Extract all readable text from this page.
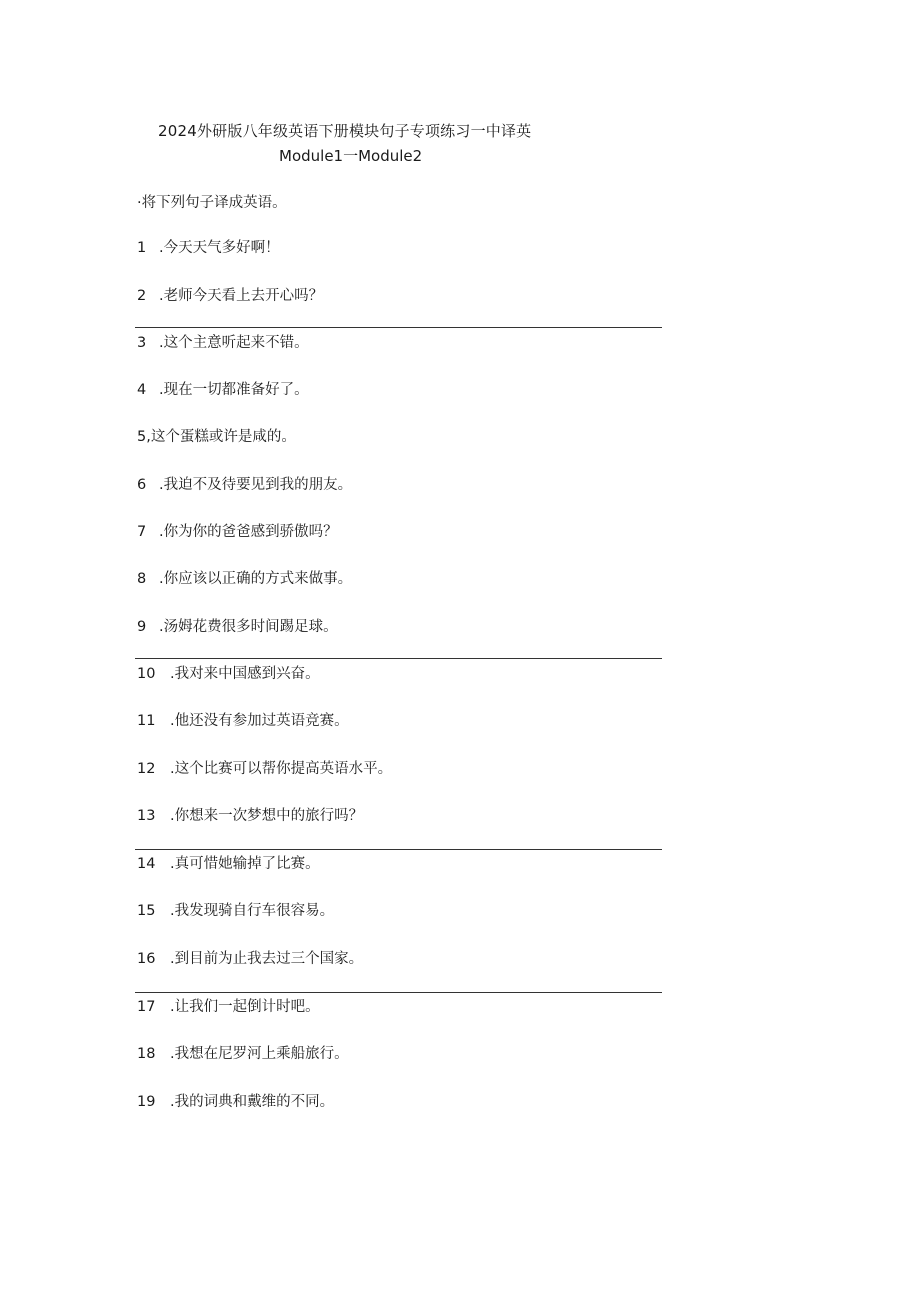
2024外研版八年级英语下册模块句子专项练习一中译英
Module1一Module2
·将下列句子译成英语。
1 .今天天气多好啊！
2 .老师今天看上去开心吗？
3 .这个主意听起来不错。
4 .现在一切都准备好了。
5,这个蛋糕或许是咸的。
6 .我迫不及待要见到我的朋友。
7 .你为你的爸爸感到骄傲吗？
8 .你应该以正确的方式来做事。
9 .汤姆花费很多时间踢足球。
10 .我对来中国感到兴奋。
11 .他还没有参加过英语竞赛。
12 .这个比赛可以帮你提高英语水平。
13 .你想来一次梦想中的旅行吗？
14 .真可惜她输掉了比赛。
15 .我发现骑自行车很容易。
16 .到目前为止我去过三个国家。
17 .让我们一起倒计时吧。
18 .我想在尼罗河上乘船旅行。
19 .我的词典和戴维的不同。
